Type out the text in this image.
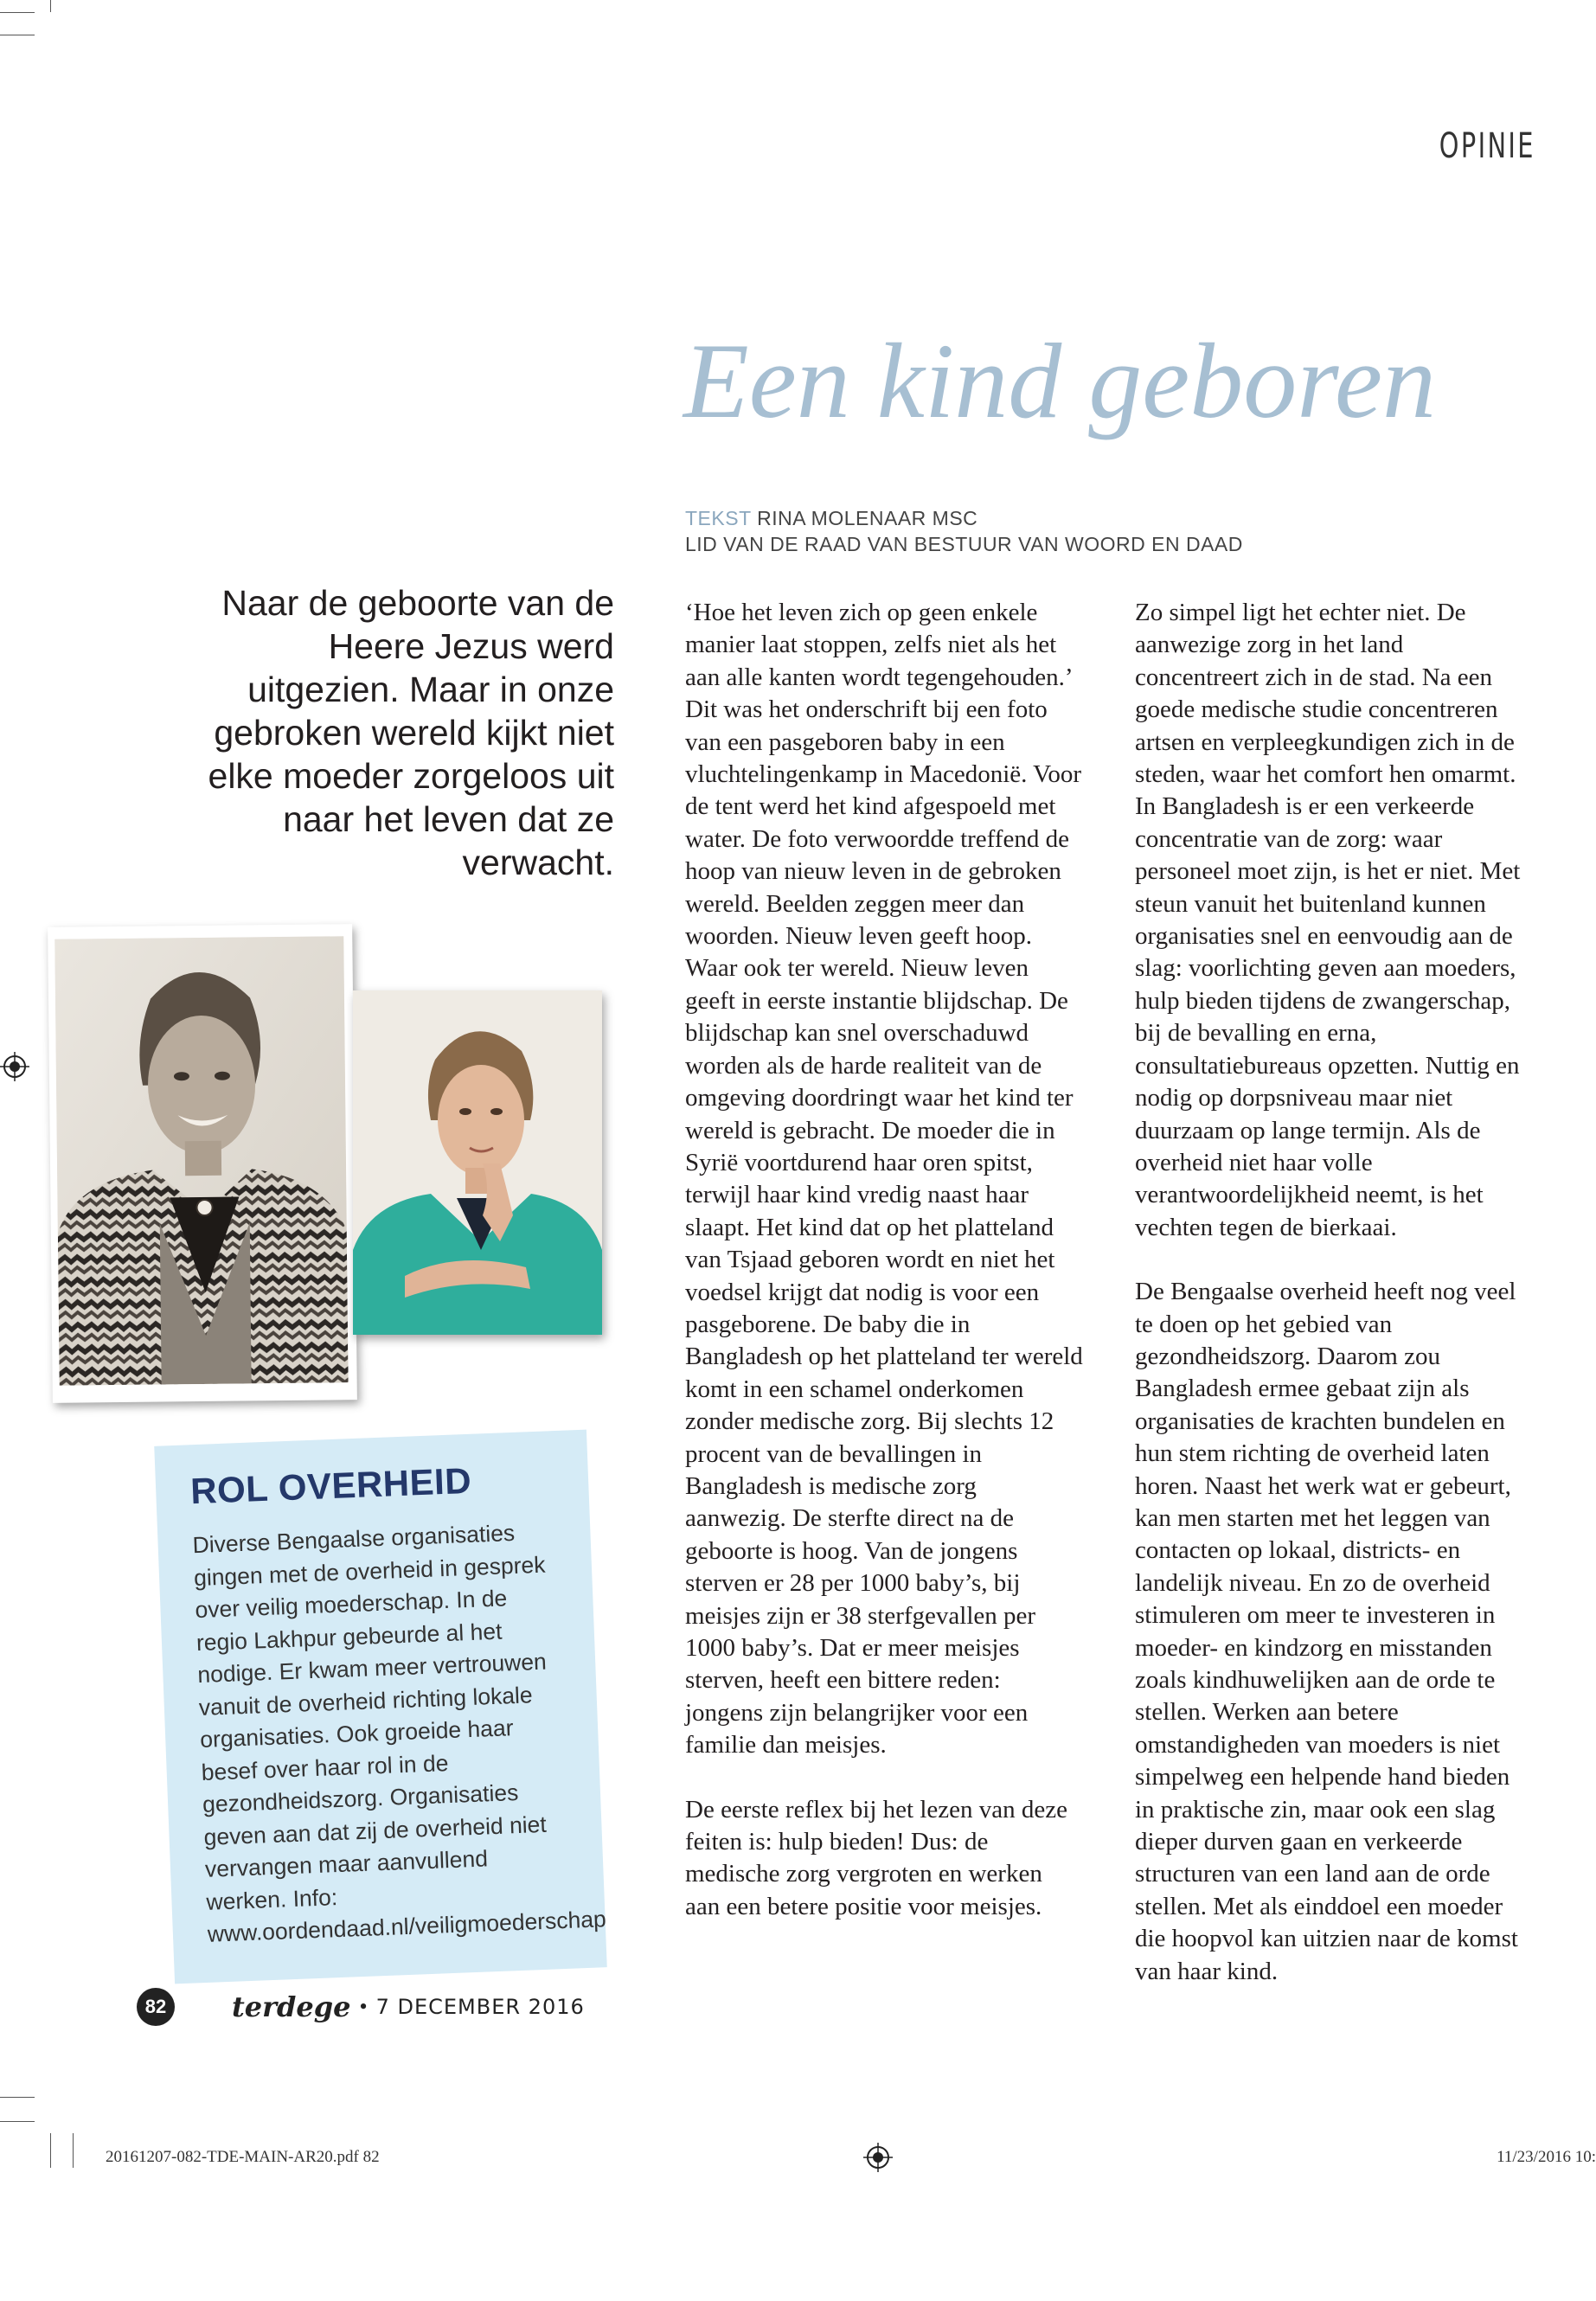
OPINIE
Een kind geboren
TEKST RINA MOLENAAR MSC
LID VAN DE RAAD VAN BESTUUR VAN WOORD EN DAAD
Naar de geboorte van de Heere Jezus werd uitgezien. Maar in onze gebroken wereld kijkt niet elke moeder zorgeloos uit naar het leven dat ze verwacht.
ROL OVERHEID
Diverse Bengaalse organisaties gingen met de overheid in gesprek over veilig moederschap. In de regio Lakhpur gebeurde al het nodige. Er kwam meer vertrouwen vanuit de overheid richting lokale organisaties. Ook groeide haar besef over haar rol in de gezondheidszorg. Organisaties geven aan dat zij de overheid niet vervangen maar aanvullend werken. Info: www.oordendaad.nl/veiligmoederschap

‘Hoe het leven zich op geen enkele manier laat stoppen, zelfs niet als het aan alle kanten wordt tegengehouden.’ Dit was het onderschrift bij een foto van een pasgeboren baby in een vluchtelingenkamp in Macedonië. Voor de tent werd het kind afgespoeld met water. De foto verwoordde treffend de hoop van nieuw leven in de gebroken wereld. Beelden zeggen meer dan woorden. Nieuw leven geeft hoop. Waar ook ter wereld. Nieuw leven geeft in eerste instantie blijdschap. De blijdschap kan snel overschaduwd worden als de harde realiteit van de omgeving doordringt waar het kind ter wereld is gebracht. De moeder die in Syrië voortdurend haar oren spitst, terwijl haar kind vredig naast haar slaapt. Het kind dat op het platteland van Tsjaad geboren wordt en niet het voedsel krijgt dat nodig is voor een pasgeborene. De baby die in Bangladesh op het platteland ter wereld komt in een schamel onderkomen zonder medische zorg. Bij slechts 12 procent van de bevallingen in Bangladesh is medische zorg aanwezig. De sterfte direct na de geboorte is hoog. Van de jongens sterven er 28 per 1000 baby’s, bij meisjes zijn er 38 sterfgevallen per 1000 baby’s. Dat er meer meisjes sterven, heeft een bittere reden: jongens zijn belangrijker voor een familie dan meisjes.

De eerste reflex bij het lezen van deze feiten is: hulp bieden! Dus: de medische zorg vergroten en werken aan een betere positie voor meisjes.

Zo simpel ligt het echter niet. De aanwezige zorg in het land concentreert zich in de stad. Na een goede medische studie concentreren artsen en verpleegkundigen zich in de steden, waar het comfort hen omarmt. In Bangladesh is er een verkeerde concentratie van de zorg: waar personeel moet zijn, is het er niet. Met steun vanuit het buitenland kunnen organisaties snel en eenvoudig aan de slag: voorlichting geven aan moeders, hulp bieden tijdens de zwangerschap, bij de bevalling en erna, consultatiebureaus opzetten. Nuttig en nodig op dorpsniveau maar niet duurzaam op lange termijn. Als de overheid niet haar volle verantwoordelijkheid neemt, is het vechten tegen de bierkaai.

De Bengaalse overheid heeft nog veel te doen op het gebied van gezondheidszorg. Daarom zou Bangladesh ermee gebaat zijn als organisaties de krachten bundelen en hun stem richting de overheid laten horen. Naast het werk wat er gebeurt, kan men starten met het leggen van contacten op lokaal, districts- en landelijk niveau. En zo de overheid stimuleren om meer te investeren in moeder- en kindzorg en misstanden zoals kindhuwelijken aan de orde te stellen. Werken aan betere omstandigheden van moeders is niet simpelweg een helpende hand bieden in praktische zin, maar ook een slag dieper durven gaan en verkeerde structuren van een land aan de orde stellen. Met als einddoel een moeder die hoopvol kan uitzien naar de komst van haar kind.

82	terdege • 7 DECEMBER 2016
20161207-082-TDE-MAIN-AR20.pdf 82	11/23/2016 10:
